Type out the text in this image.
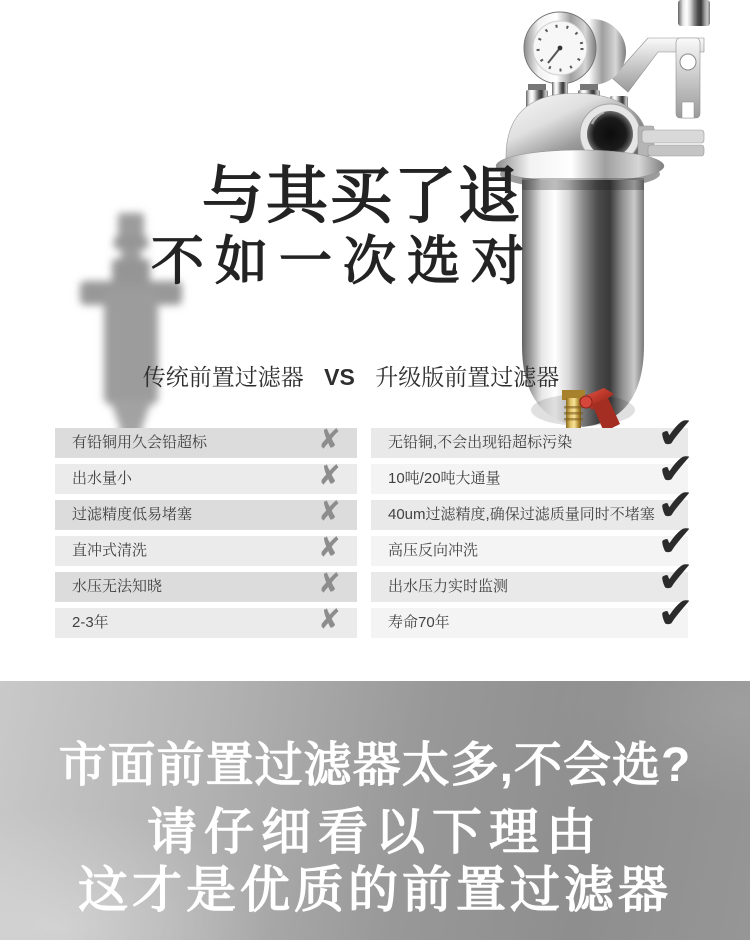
与其买了退
不如一次选对
传统前置过滤器 VS 升级版前置过滤器
有铅铜用久会铅超标	✘
出水量小	✘
过滤精度低易堵塞	✘
直冲式清洗	✘
水压无法知晓	✘
2-3年	✘
无铅铜,不会出现铅超标污染	✔
10吨/20吨大通量	✔
40um过滤精度,确保过滤质量同时不堵塞 ✔
高压反向冲洗	✔
出水压力实时监测	✔
寿命70年	✔
市面前置过滤器太多,不会选?
请仔细看以下理由
这才是优质的前置过滤器
